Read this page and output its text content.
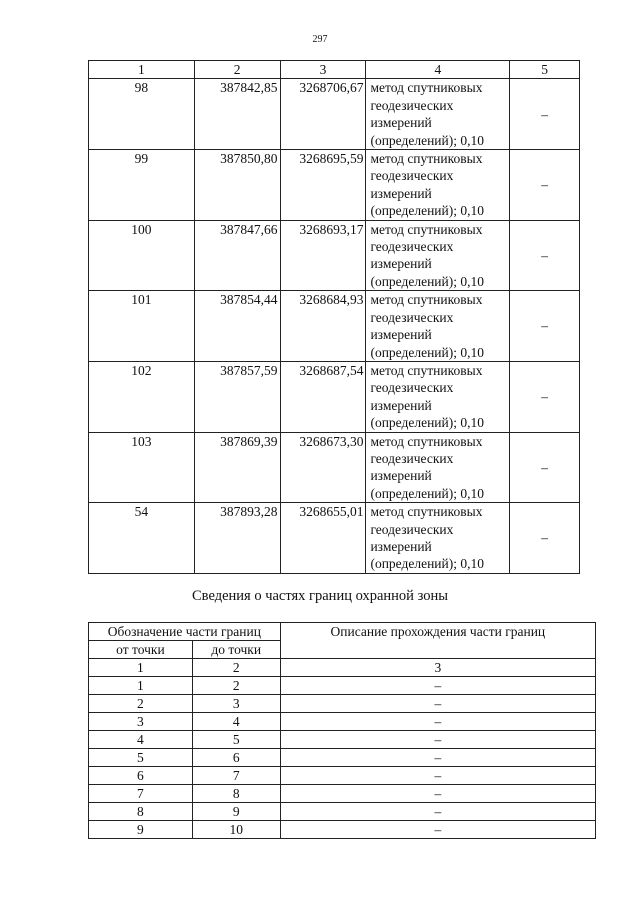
297
1	2	3	4	5
98	387842,85	3268706,67	метод спутниковых геодезических измерений (определений); 0,10	–
99	387850,80	3268695,59	метод спутниковых геодезических измерений (определений); 0,10	–
100	387847,66	3268693,17	метод спутниковых геодезических измерений (определений); 0,10	–
101	387854,44	3268684,93	метод спутниковых геодезических измерений (определений); 0,10	–
102	387857,59	3268687,54	метод спутниковых геодезических измерений (определений); 0,10	–
103	387869,39	3268673,30	метод спутниковых геодезических измерений (определений); 0,10	–
54	387893,28	3268655,01	метод спутниковых геодезических измерений (определений); 0,10	–
Сведения о частях границ охранной зоны
Обозначение части границ		Описание прохождения части границ
от точки	до точки	
1	2	3
1	2	–
2	3	–
3	4	–
4	5	–
5	6	–
6	7	–
7	8	–
8	9	–
9	10	–
